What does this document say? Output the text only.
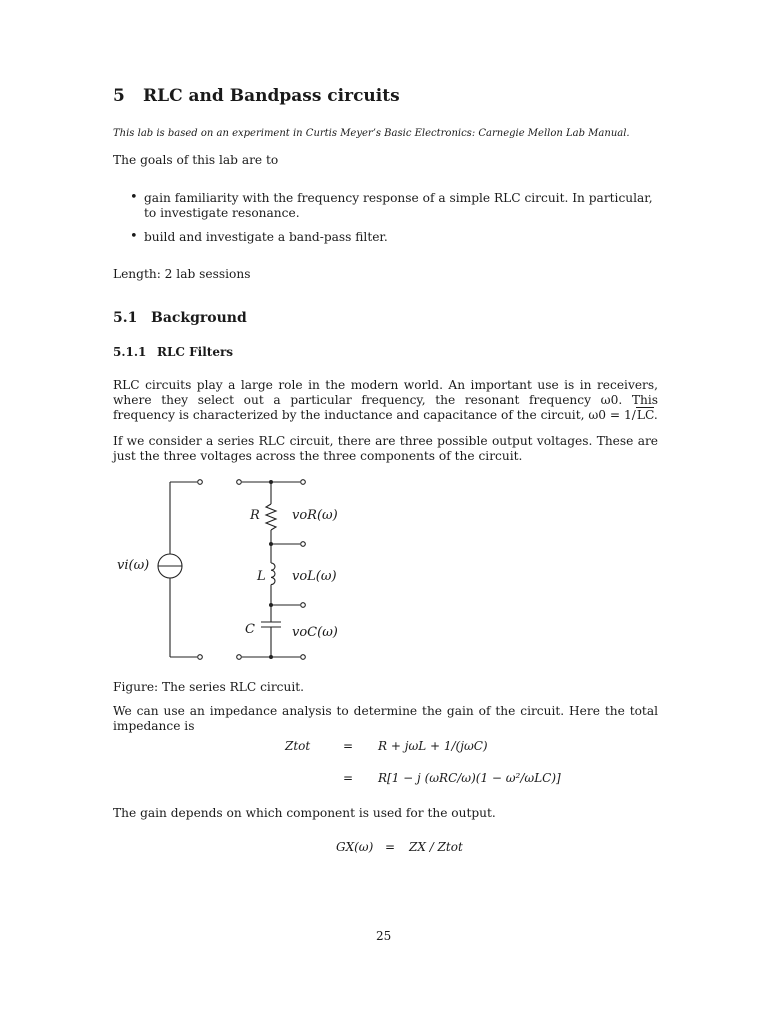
5 RLC and Bandpass circuits
This lab is based on an experiment in Curtis Meyer’s Basic Electronics: Carnegie Mellon Lab Manual.
The goals of this lab are to
• gain familiarity with the frequency response of a simple RLC circuit. In particular, to investigate resonance.
• build and investigate a band-pass filter.
Length: 2 lab sessions
5.1 Background
5.1.1 RLC Filters
RLC circuits play a large role in the modern world. An important use is in receivers, where they select out a particular frequency, the resonant frequency ω0. This frequency is characterized by the inductance and capacitance of the circuit, ω0 = 1/LC.
If we consider a series RLC circuit, there are three possible output voltages. These are just the three voltages across the three components of the circuit.
vi(ω)
R voR(ω)
L voL(ω)
C	voC(ω)
Figure: The series RLC circuit.
We can use an impedance analysis to determine the gain of the circuit. Here the total impedance is
Ztot	= R + jωL + 1/(jωC)
= R[1 − j (ωRC/ω)(1 − ω²/ωLC)]
The gain depends on which component is used for the output.
GX(ω) = ZX / Ztot
25
